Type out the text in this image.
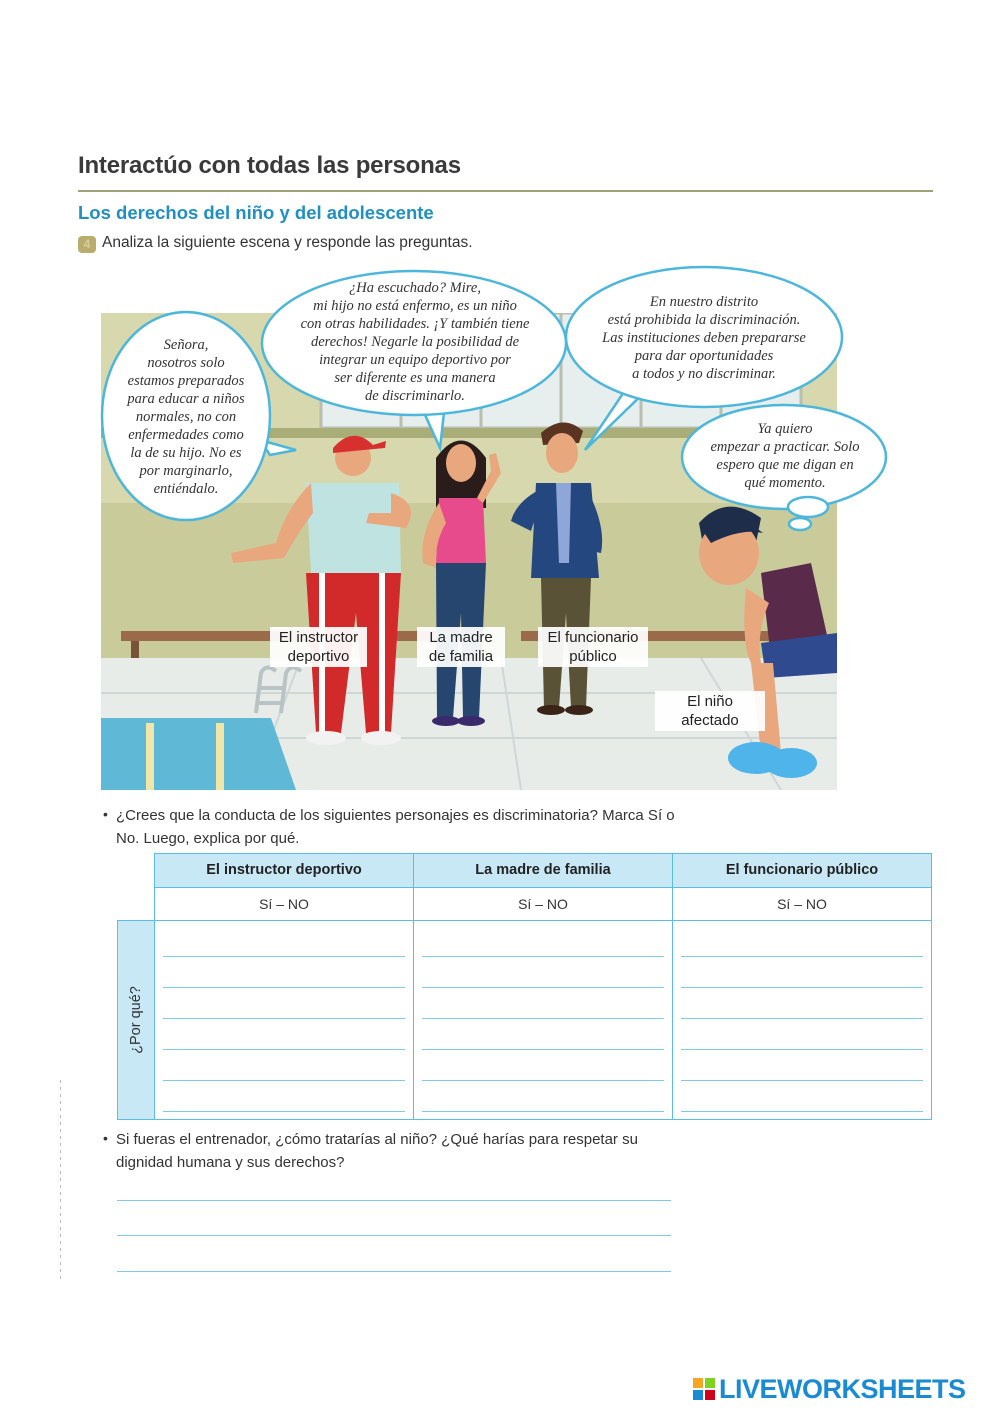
Interactúo con todas las personas
Los derechos del niño y del adolescente
4 Analiza la siguiente escena y responde las preguntas.
Señora,
nosotros solo
estamos preparados
para educar a niños
normales, no con
enfermedades como
la de su hijo. No es
por marginarlo,
entiéndalo.
¿Ha escuchado? Mire,
mi hijo no está enfermo, es un niño
con otras habilidades. ¡Y también tiene
derechos! Negarle la posibilidad de
integrar un equipo deportivo por
ser diferente es una manera
de discriminarlo.
En nuestro distrito
está prohibida la discriminación.
Las instituciones deben prepararse
para dar oportunidades
a todos y no discriminar.
Ya quiero
empezar a practicar. Solo
espero que me digan en
qué momento.
El instructor
deportivo
La madre
de familia
El funcionario
público
El niño
afectado
• ¿Crees que la conducta de los siguientes personajes es discriminatoria? Marca Sí o
No. Luego, explica por qué.
El instructor deportivo	La madre de familia	El funcionario público
Sí – NO	Sí – NO	Sí – NO
¿Por qué?
• Si fueras el entrenador, ¿cómo tratarías al niño? ¿Qué harías para respetar su
dignidad humana y sus derechos?
LIVEWORKSHEETS
